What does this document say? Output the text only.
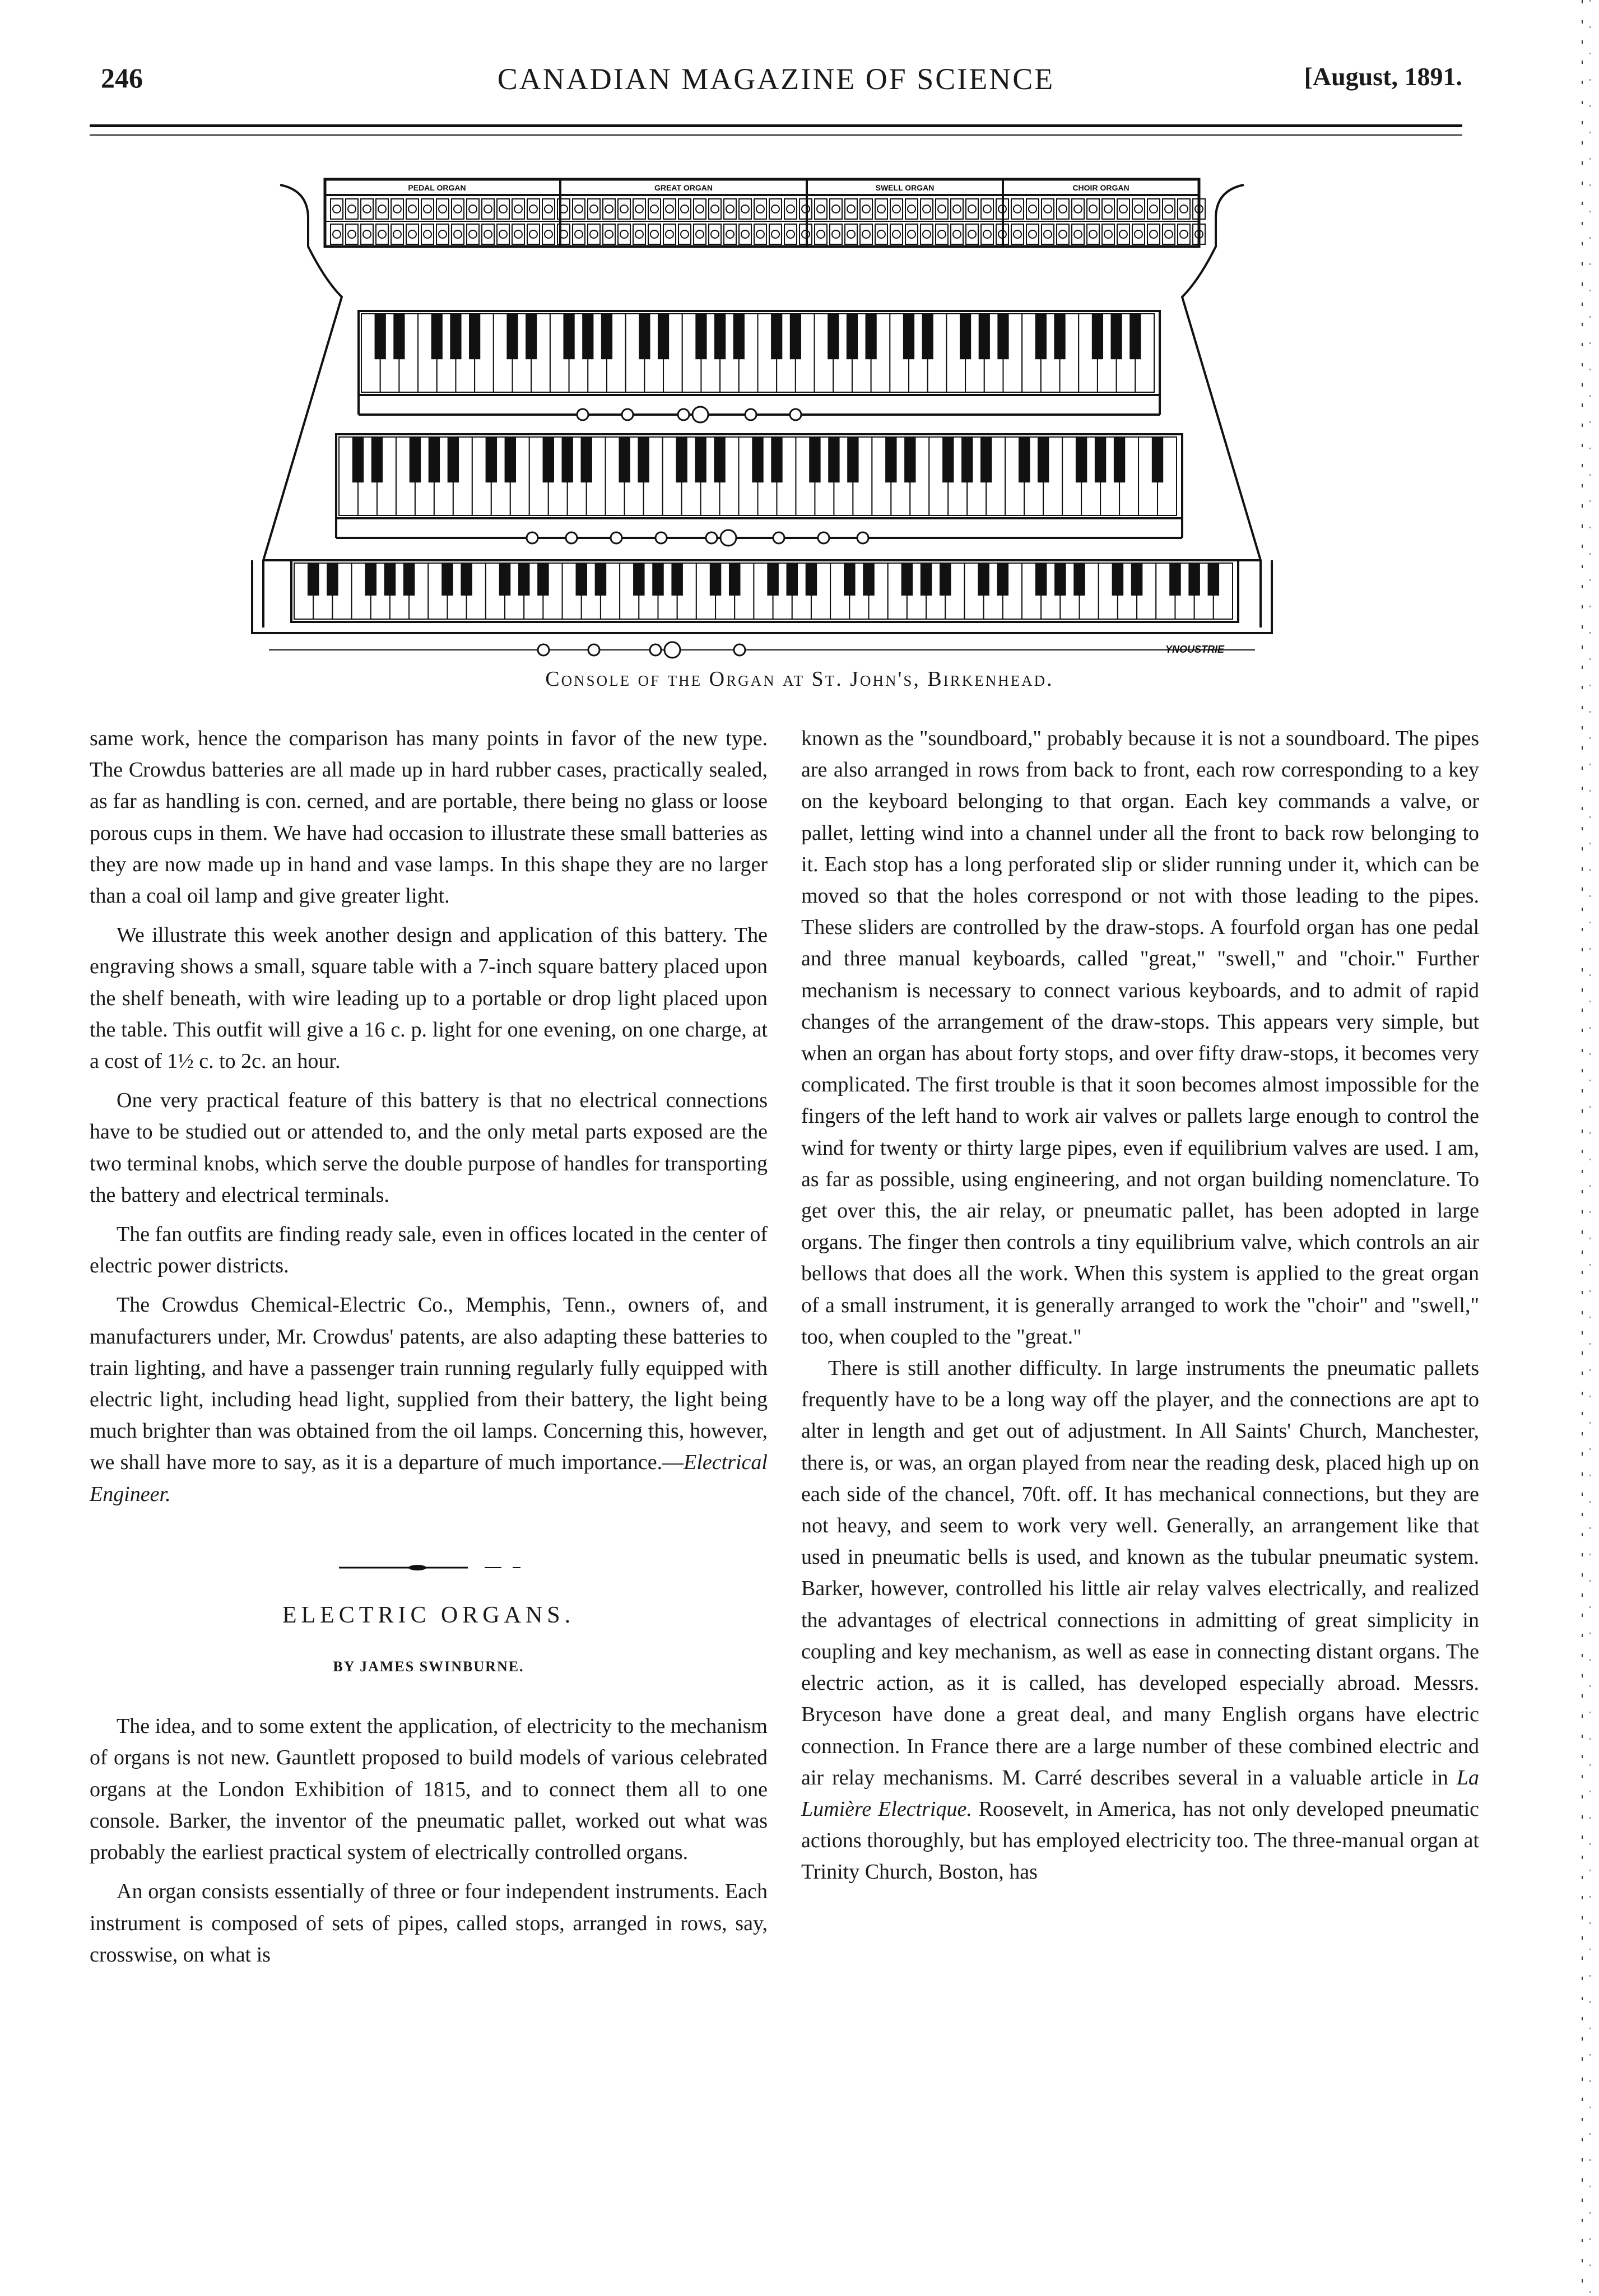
246	CANADIAN MAGAZINE OF SCIENCE	[August, 1891.
PEDAL ORGAN	GREAT ORGAN	SWELL ORGAN	CHOIR ORGAN
YNOUSTRIE
Console of the Organ at St. John's, Birkenhead.

same work, hence the comparison has many points in favor of the new type. The Crowdus batteries are all made up in hard rubber cases, practically sealed, as far as handling is con. cerned, and are portable, there being no glass or loose porous cups in them. We have had occasion to illustrate these small batteries as they are now made up in hand and vase lamps. In this shape they are no larger than a coal oil lamp and give greater light.

We illustrate this week another design and application of this battery. The engraving shows a small, square table with a 7-inch square battery placed upon the shelf beneath, with wire leading up to a portable or drop light placed upon the table. This outfit will give a 16 c. p. light for one evening, on one charge, at a cost of 1½ c. to 2c. an hour.

One very practical feature of this battery is that no electrical connections have to be studied out or attended to, and the only metal parts exposed are the two terminal knobs, which serve the double purpose of handles for transporting the battery and electrical terminals.

The fan outfits are finding ready sale, even in offices located in the center of electric power districts.

The Crowdus Chemical-Electric Co., Memphis, Tenn., owners of, and manufacturers under, Mr. Crowdus' patents, are also adapting these batteries to train lighting, and have a passenger train running regularly fully equipped with electric light, including head light, supplied from their battery, the light being much brighter than was obtained from the oil lamps. Concerning this, however, we shall have more to say, as it is a departure of much importance.—Electrical Engineer.

ELECTRIC ORGANS.
BY JAMES SWINBURNE.

The idea, and to some extent the application, of electricity to the mechanism of organs is not new. Gauntlett proposed to build models of various celebrated organs at the London Exhibition of 1815, and to connect them all to one console. Barker, the inventor of the pneumatic pallet, worked out what was probably the earliest practical system of electrically controlled organs.

An organ consists essentially of three or four independent instruments. Each instrument is composed of sets of pipes, called stops, arranged in rows, say, crosswise, on what is

known as the "soundboard," probably because it is not a soundboard. The pipes are also arranged in rows from back to front, each row corresponding to a key on the keyboard belonging to that organ. Each key commands a valve, or pallet, letting wind into a channel under all the front to back row belonging to it. Each stop has a long perforated slip or slider running under it, which can be moved so that the holes correspond or not with those leading to the pipes. These sliders are controlled by the draw-stops. A fourfold organ has one pedal and three manual keyboards, called "great," "swell," and "choir." Further mechanism is necessary to connect various keyboards, and to admit of rapid changes of the arrangement of the draw-stops. This appears very simple, but when an organ has about forty stops, and over fifty draw-stops, it becomes very complicated. The first trouble is that it soon becomes almost impossible for the fingers of the left hand to work air valves or pallets large enough to control the wind for twenty or thirty large pipes, even if equilibrium valves are used. I am, as far as possible, using engineering, and not organ building nomenclature. To get over this, the air relay, or pneumatic pallet, has been adopted in large organs. The finger then controls a tiny equilibrium valve, which controls an air bellows that does all the work. When this system is applied to the great organ of a small instrument, it is generally arranged to work the "choir" and "swell," too, when coupled to the "great."

There is still another difficulty. In large instruments the pneumatic pallets frequently have to be a long way off the player, and the connections are apt to alter in length and get out of adjustment. In All Saints' Church, Manchester, there is, or was, an organ played from near the reading desk, placed high up on each side of the chancel, 70ft. off. It has mechanical connections, but they are not heavy, and seem to work very well. Generally, an arrangement like that used in pneumatic bells is used, and known as the tubular pneumatic system. Barker, however, controlled his little air relay valves electrically, and realized the advantages of electrical connections in admitting of great simplicity in coupling and key mechanism, as well as ease in connecting distant organs. The electric action, as it is called, has developed especially abroad. Messrs. Bryceson have done a great deal, and many English organs have electric connection. In France there are a large number of these combined electric and air relay mechanisms. M. Carré describes several in a valuable article in La Lumière Electrique. Roosevelt, in America, has not only developed pneumatic actions thoroughly, but has employed electricity too. The three-manual organ at Trinity Church, Boston, has
